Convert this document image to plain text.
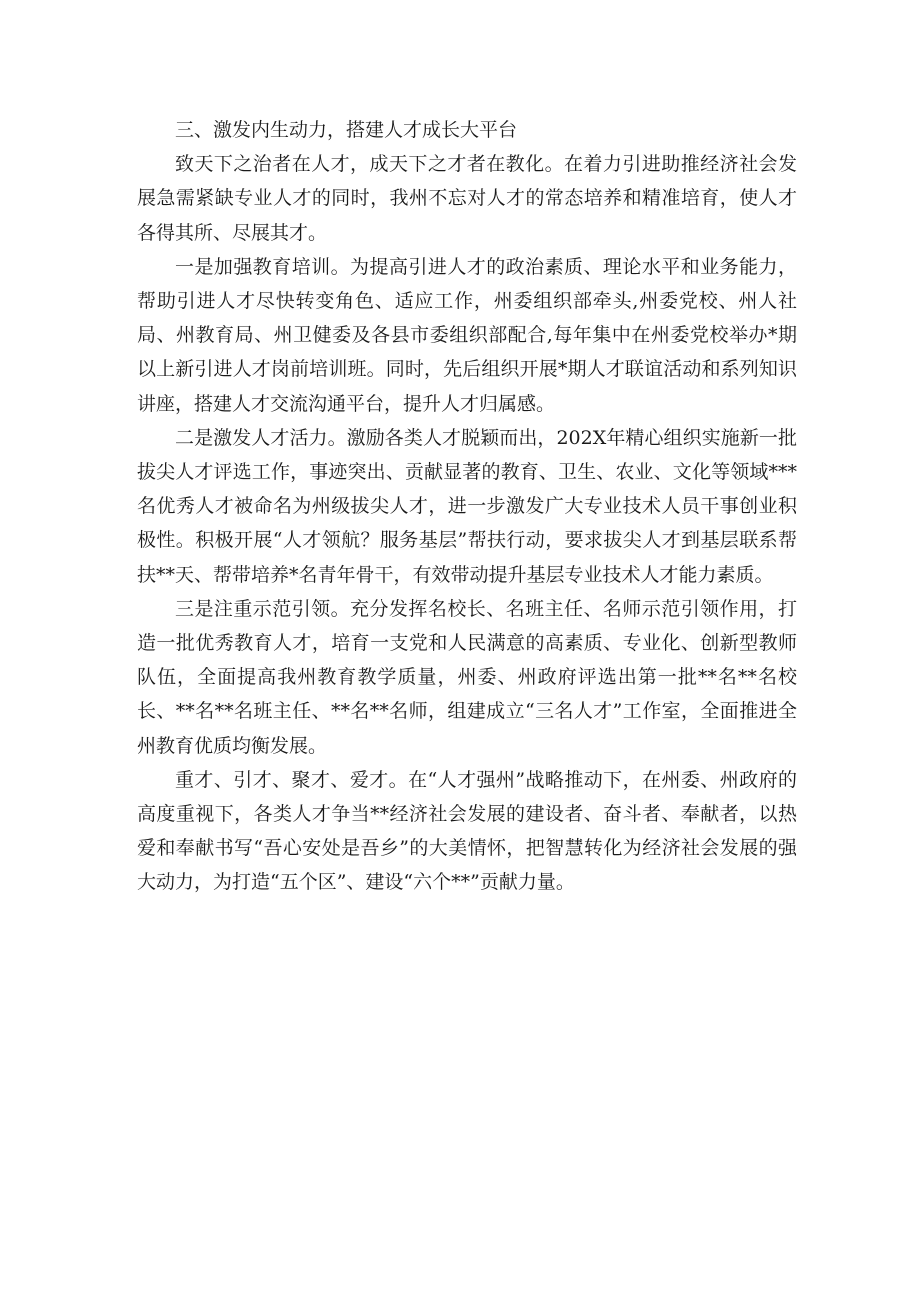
三、激发内生动力，搭建人才成长大平台

致天下之治者在人才，成天下之才者在教化。在着力引进助推经济社会发展急需紧缺专业人才的同时，我州不忘对人才的常态培养和精准培育，使人才各得其所、尽展其才。

一是加强教育培训。为提高引进人才的政治素质、理论水平和业务能力，帮助引进人才尽快转变角色、适应工作，州委组织部牵头,州委党校、州人社局、州教育局、州卫健委及各县市委组织部配合,每年集中在州委党校举办*期以上新引进人才岗前培训班。同时，先后组织开展*期人才联谊活动和系列知识讲座，搭建人才交流沟通平台，提升人才归属感。

二是激发人才活力。激励各类人才脱颖而出，202X年精心组织实施新一批拔尖人才评选工作，事迹突出、贡献显著的教育、卫生、农业、文化等领域***名优秀人才被命名为州级拔尖人才，进一步激发广大专业技术人员干事创业积极性。积极开展“人才领航？服务基层”帮扶行动，要求拔尖人才到基层联系帮扶**天、帮带培养*名青年骨干，有效带动提升基层专业技术人才能力素质。

三是注重示范引领。充分发挥名校长、名班主任、名师示范引领作用，打造一批优秀教育人才，培育一支党和人民满意的高素质、专业化、创新型教师队伍，全面提高我州教育教学质量，州委、州政府评选出第一批**名**名校长、**名**名班主任、**名**名师，组建成立“三名人才”工作室，全面推进全州教育优质均衡发展。

重才、引才、聚才、爱才。在“人才强州”战略推动下，在州委、州政府的高度重视下，各类人才争当**经济社会发展的建设者、奋斗者、奉献者，以热爱和奉献书写“吾心安处是吾乡”的大美情怀，把智慧转化为经济社会发展的强大动力，为打造“五个区”、建设“六个**”贡献力量。
